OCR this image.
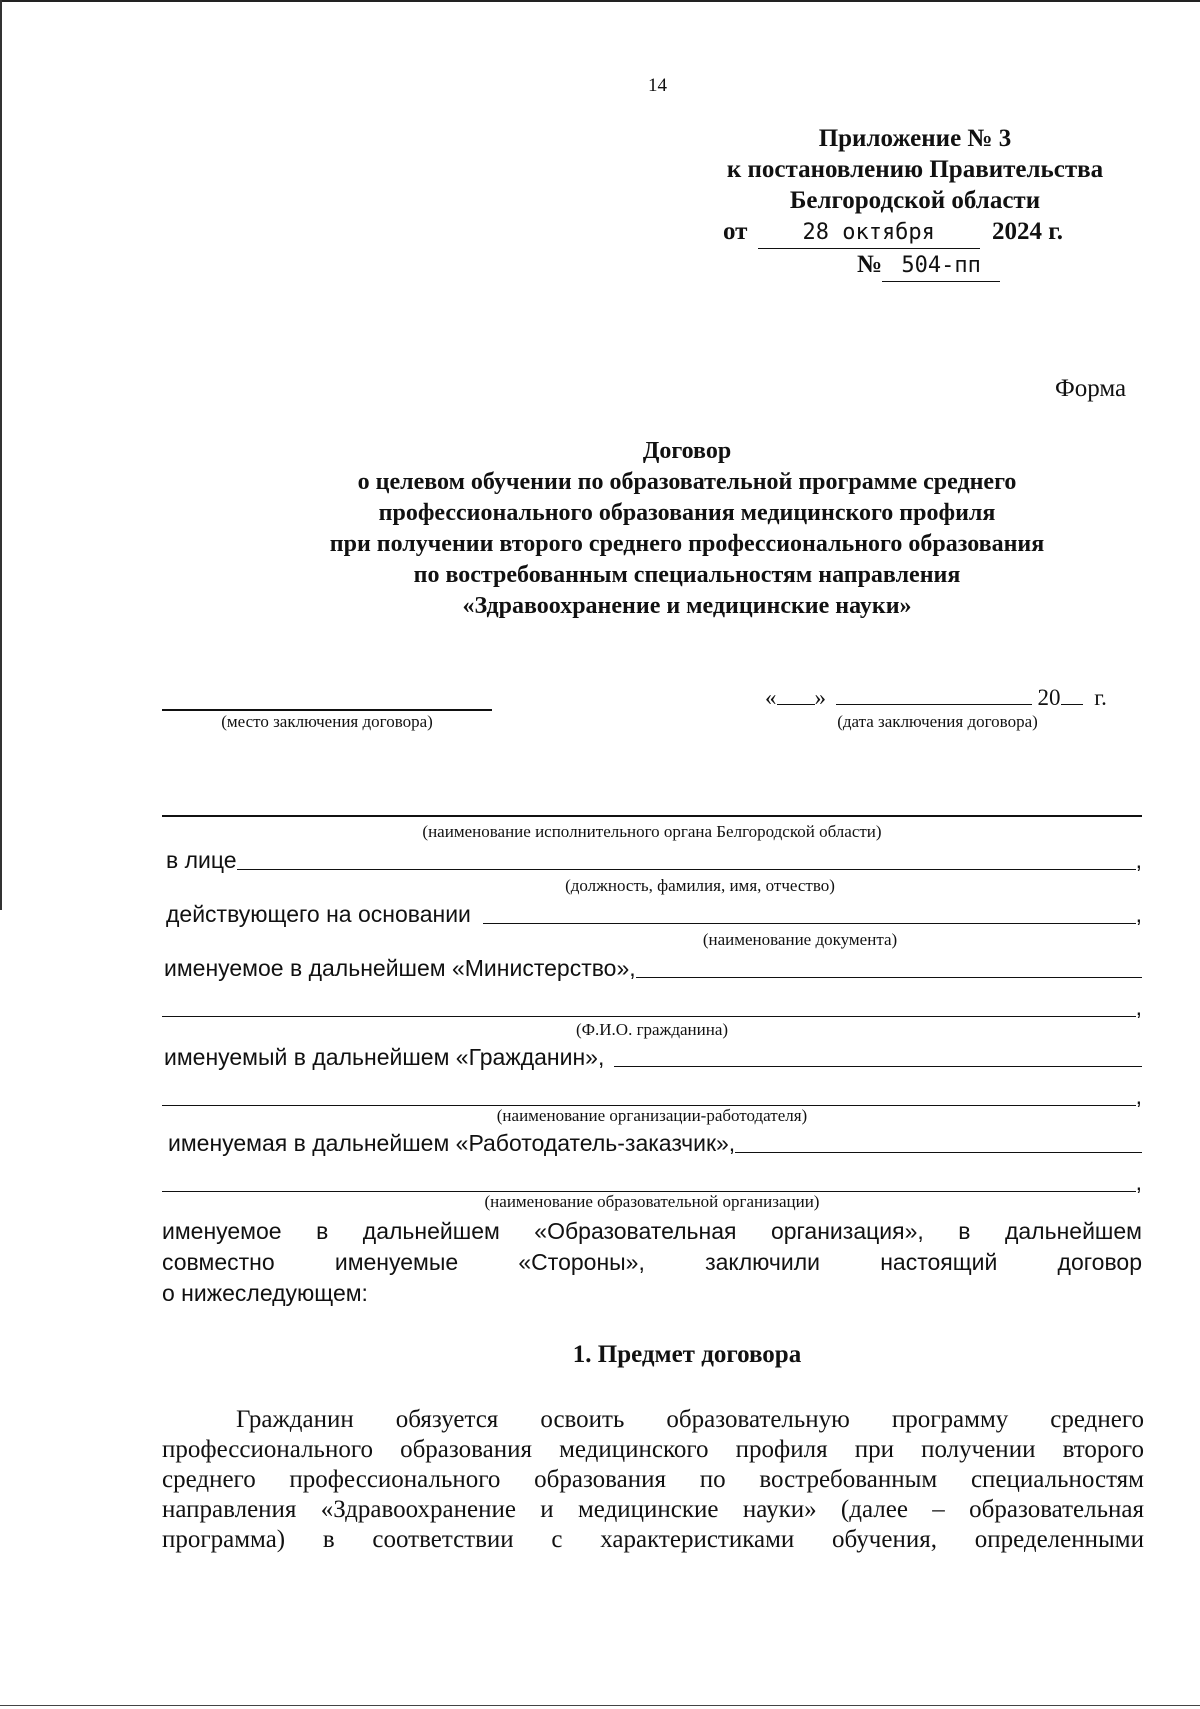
14
Приложение № 3
к постановлению Правительства
Белгородской области
от	28 октября 2024 г.
№ 504-пп
Форма
Договор
о целевом обучении по образовательной программе среднего
профессионального образования медицинского профиля
при получении второго среднего профессионального образования
по востребованным специальностям направления
«Здравоохранение и медицинские науки»
(место заключения договора)
« »	20 г.
(дата заключения договора)
(наименование исполнительного органа Белгородской области)
в лице	,
(должность, фамилия, имя, отчество)
действующего на основании	,
(наименование документа)
именуемое в дальнейшем «Министерство»,
,
(Ф.И.О. гражданина)
именуемый в дальнейшем «Гражданин»,
,
(наименование организации-работодателя)
именуемая в дальнейшем «Работодатель-заказчик»,
,
(наименование образовательной организации)
именуемое в дальнейшем «Образовательная организация», в дальнейшем
совместно именуемые «Стороны», заключили настоящий договор
о нижеследующем:
1. Предмет договора
Гражданин обязуется освоить образовательную программу среднего
профессионального образования медицинского профиля при получении второго
среднего профессионального образования по востребованным специальностям
направления «Здравоохранение и медицинские науки» (далее – образовательная
программа) в соответствии с характеристиками обучения, определенными
